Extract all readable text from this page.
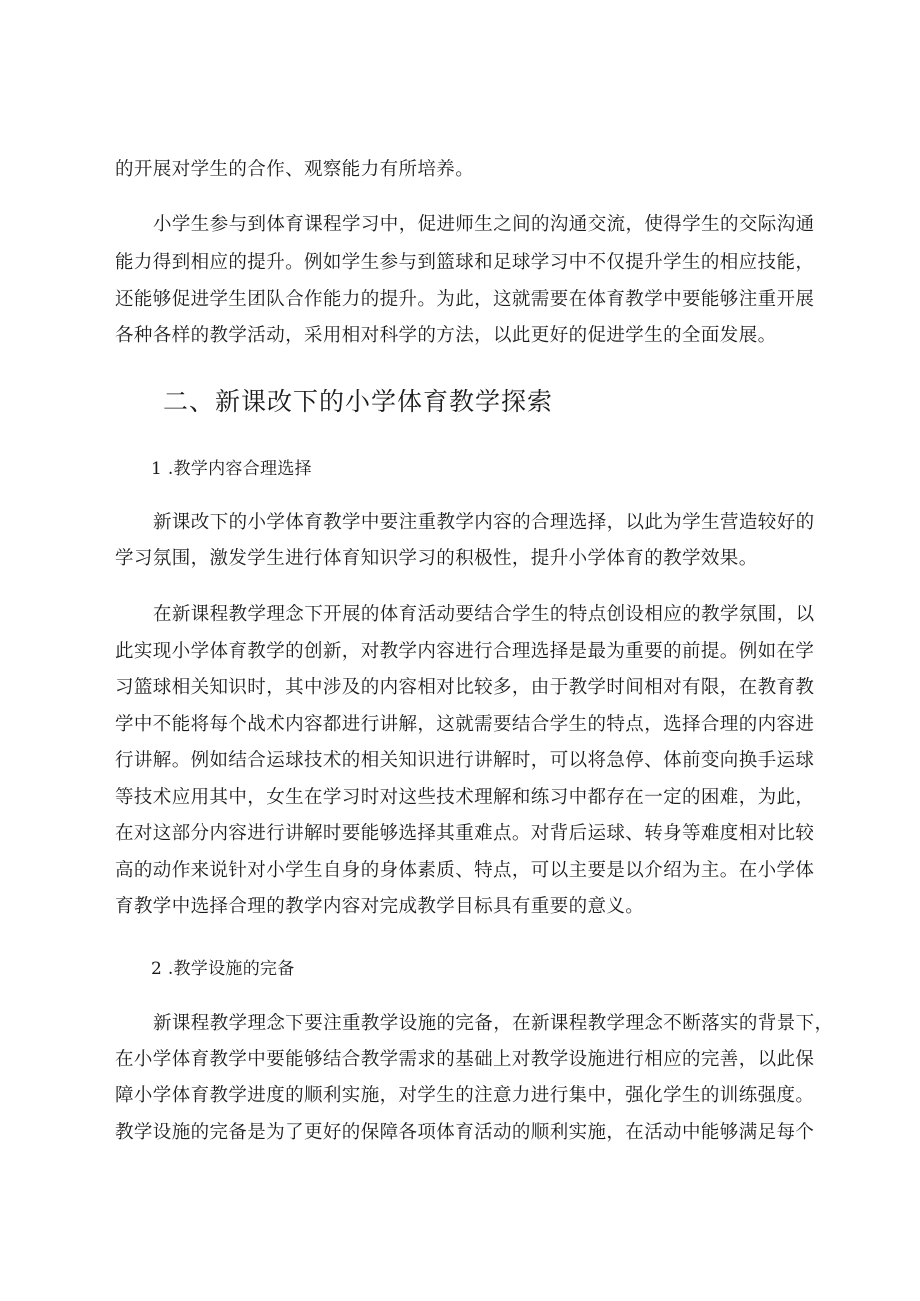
的开展对学生的合作、观察能力有所培养。
小学生参与到体育课程学习中，促进师生之间的沟通交流，使得学生的交际沟通
能力得到相应的提升。例如学生参与到篮球和足球学习中不仅提升学生的相应技能，
还能够促进学生团队合作能力的提升。为此，这就需要在体育教学中要能够注重开展
各种各样的教学活动，采用相对科学的方法，以此更好的促进学生的全面发展。
二、新课改下的小学体育教学探索
1 .教学内容合理选择
新课改下的小学体育教学中要注重教学内容的合理选择，以此为学生营造较好的
学习氛围，激发学生进行体育知识学习的积极性，提升小学体育的教学效果。
在新课程教学理念下开展的体育活动要结合学生的特点创设相应的教学氛围，以
此实现小学体育教学的创新，对教学内容进行合理选择是最为重要的前提。例如在学
习篮球相关知识时，其中涉及的内容相对比较多，由于教学时间相对有限，在教育教
学中不能将每个战术内容都进行讲解，这就需要结合学生的特点，选择合理的内容进
行讲解。例如结合运球技术的相关知识进行讲解时，可以将急停、体前变向换手运球
等技术应用其中，女生在学习时对这些技术理解和练习中都存在一定的困难，为此，
在对这部分内容进行讲解时要能够选择其重难点。对背后运球、转身等难度相对比较
高的动作来说针对小学生自身的身体素质、特点，可以主要是以介绍为主。在小学体
育教学中选择合理的教学内容对完成教学目标具有重要的意义。
2 .教学设施的完备
新课程教学理念下要注重教学设施的完备，在新课程教学理念不断落实的背景下，
在小学体育教学中要能够结合教学需求的基础上对教学设施进行相应的完善，以此保
障小学体育教学进度的顺利实施，对学生的注意力进行集中，强化学生的训练强度。
教学设施的完备是为了更好的保障各项体育活动的顺利实施，在活动中能够满足每个
